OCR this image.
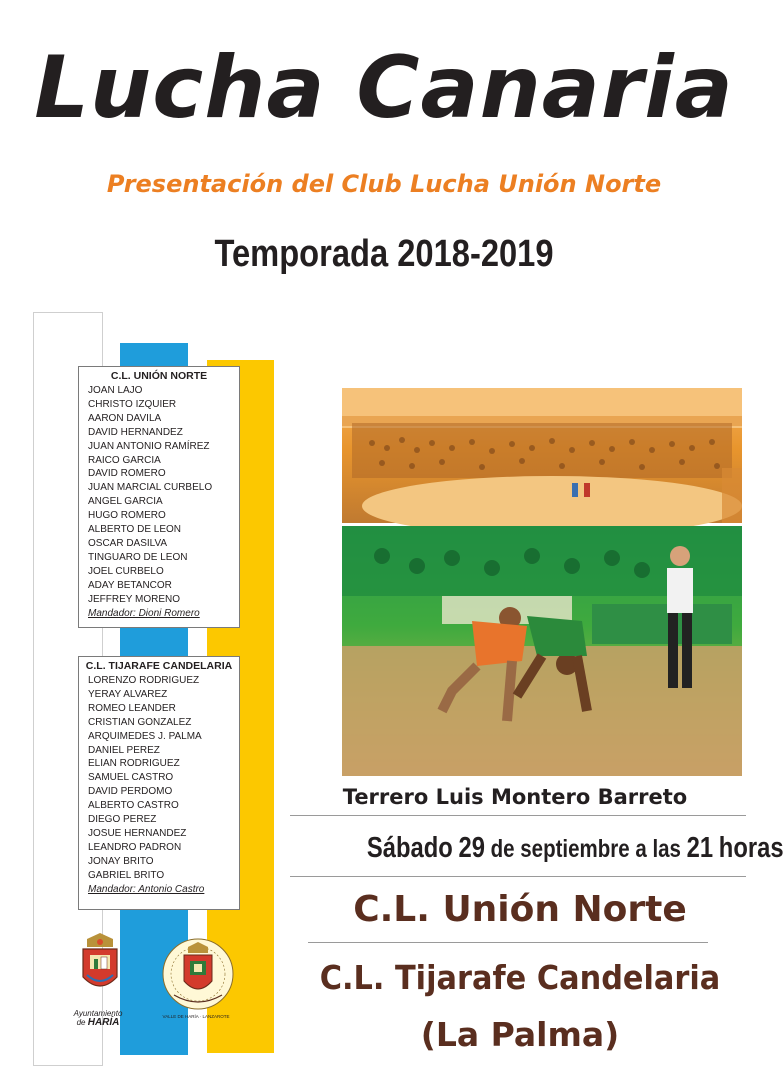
Lucha Canaria
Presentación del Club Lucha Unión Norte
Temporada 2018-2019
C.L. UNIÓN NORTE
JOAN LAJO
CHRISTO IZQUIER
AARON DAVILA
DAVID HERNANDEZ
JUAN ANTONIO RAMÍREZ
RAICO GARCIA
DAVID ROMERO
JUAN MARCIAL CURBELO
ANGEL GARCIA
HUGO ROMERO
ALBERTO DE LEON
OSCAR DASILVA
TINGUARO DE LEON
JOEL CURBELO
ADAY BETANCOR
JEFFREY MORENO
Mandador: Dioni Romero
C.L. TIJARAFE CANDELARIA
LORENZO RODRIGUEZ
YERAY ALVAREZ
ROMEO LEANDER
CRISTIAN GONZALEZ
ARQUIMEDES J. PALMA
DANIEL PEREZ
ELIAN RODRIGUEZ
SAMUEL CASTRO
DAVID PERDOMO
ALBERTO CASTRO
DIEGO PEREZ
JOSUE HERNANDEZ
LEANDRO PADRON
JONAY BRITO
GABRIEL BRITO
Mandador: Antonio Castro
Terrero Luis Montero Barreto
Sábado 29 de septiembre a las 21 horas
C.L. Unión Norte
C.L. Tijarafe Candelaria
(La Palma)
Ayuntamiento
de HARÍA
VALLE DE HARÍA · LANZAROTE
